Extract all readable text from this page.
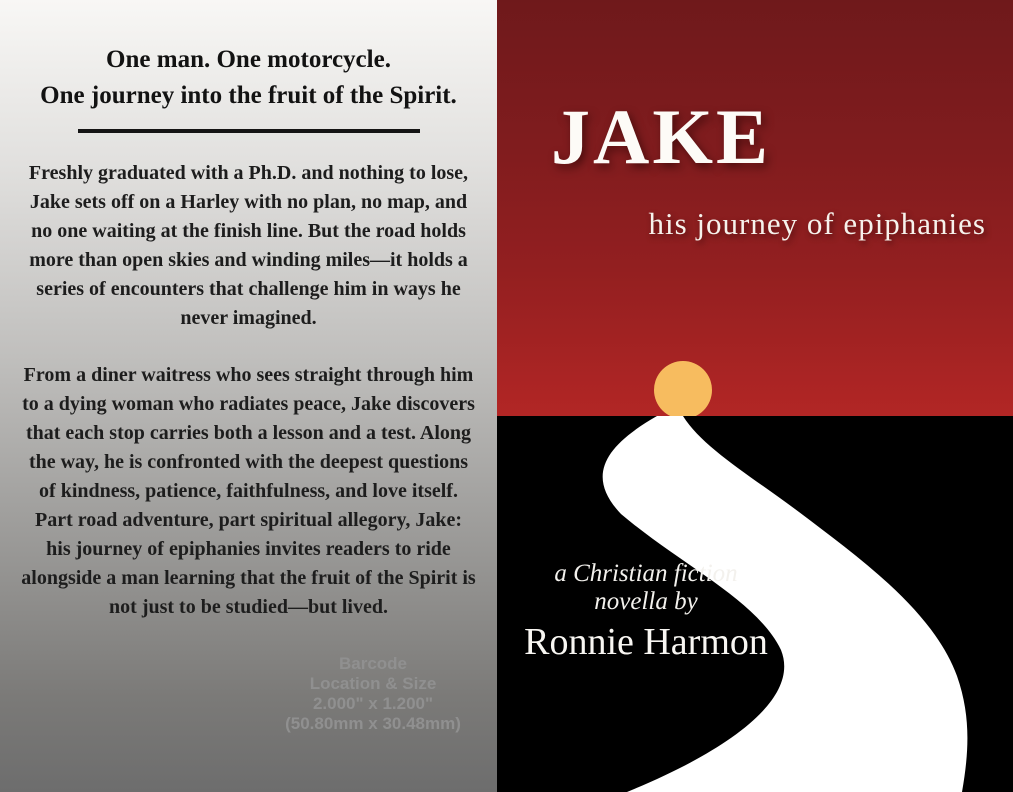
One man. One motorcycle.
One journey into the fruit of the Spirit.

Freshly graduated with a Ph.D. and nothing to lose, Jake sets off on a Harley with no plan, no map, and no one waiting at the finish line. But the road holds more than open skies and winding miles—it holds a series of encounters that challenge him in ways he never imagined.

From a diner waitress who sees straight through him to a dying woman who radiates peace, Jake discovers that each stop carries both a lesson and a test. Along the way, he is confronted with the deepest questions of kindness, patience, faithfulness, and love itself.

Part road adventure, part spiritual allegory, Jake: his journey of epiphanies invites readers to ride alongside a man learning that the fruit of the Spirit is not just to be studied—but lived.

Barcode
Location & Size
2.000" x 1.200"
(50.80mm x 30.48mm)
JAKE
his journey of epiphanies
a Christian fiction
novella by
Ronnie Harmon
